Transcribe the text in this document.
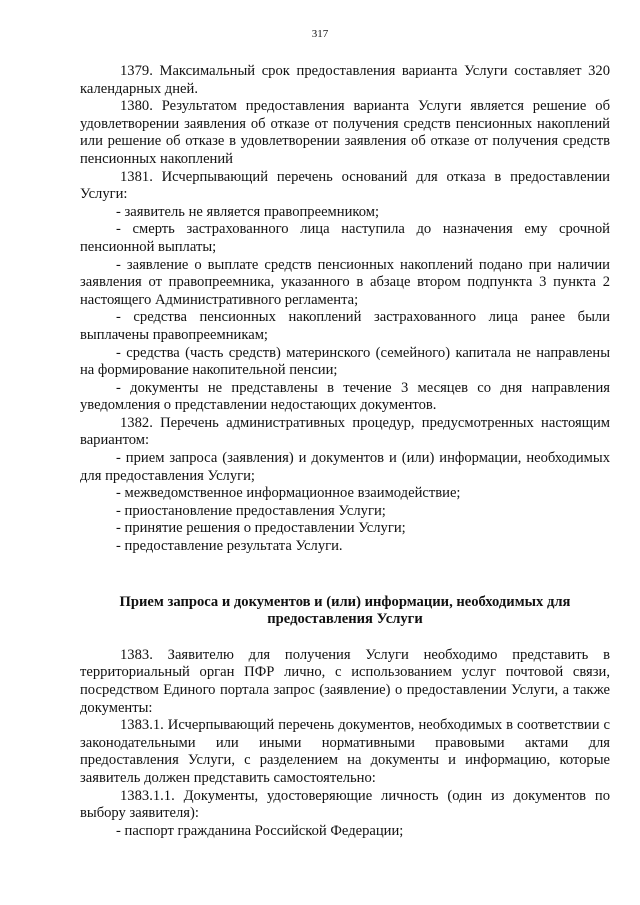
317

1379. Максимальный срок предоставления варианта Услуги составляет 320 календарных дней.

1380. Результатом предоставления варианта Услуги является решение об удовлетворении заявления об отказе от получения средств пенсионных накоплений или решение об отказе в удовлетворении заявления об отказе от получения средств пенсионных накоплений

1381. Исчерпывающий перечень оснований для отказа в предоставлении Услуги:

- заявитель не является правопреемником;

- смерть застрахованного лица наступила до назначения ему срочной пенсионной выплаты;

- заявление о выплате средств пенсионных накоплений подано при наличии заявления от правопреемника, указанного в абзаце втором подпункта 3 пункта 2 настоящего Административного регламента;

- средства пенсионных накоплений застрахованного лица ранее были выплачены правопреемникам;

- средства (часть средств) материнского (семейного) капитала не направлены на формирование накопительной пенсии;

- документы не представлены в течение 3 месяцев со дня направления уведомления о представлении недостающих документов.

1382. Перечень административных процедур, предусмотренных настоящим вариантом:

- прием запроса (заявления) и документов и (или) информации, необходимых для предоставления Услуги;

- межведомственное информационное взаимодействие;

- приостановление предоставления Услуги;

- принятие решения о предоставлении Услуги;

- предоставление результата Услуги.

Прием запроса и документов и (или) информации, необходимых для предоставления Услуги

1383. Заявителю для получения Услуги необходимо представить в территориальный орган ПФР лично, с использованием услуг почтовой связи, посредством Единого портала запрос (заявление) о предоставлении Услуги, а также документы:

1383.1. Исчерпывающий перечень документов, необходимых в соответствии с законодательными или иными нормативными правовыми актами для предоставления Услуги, с разделением на документы и информацию, которые заявитель должен представить самостоятельно:

1383.1.1. Документы, удостоверяющие личность (один из документов по выбору заявителя):

- паспорт гражданина Российской Федерации;
